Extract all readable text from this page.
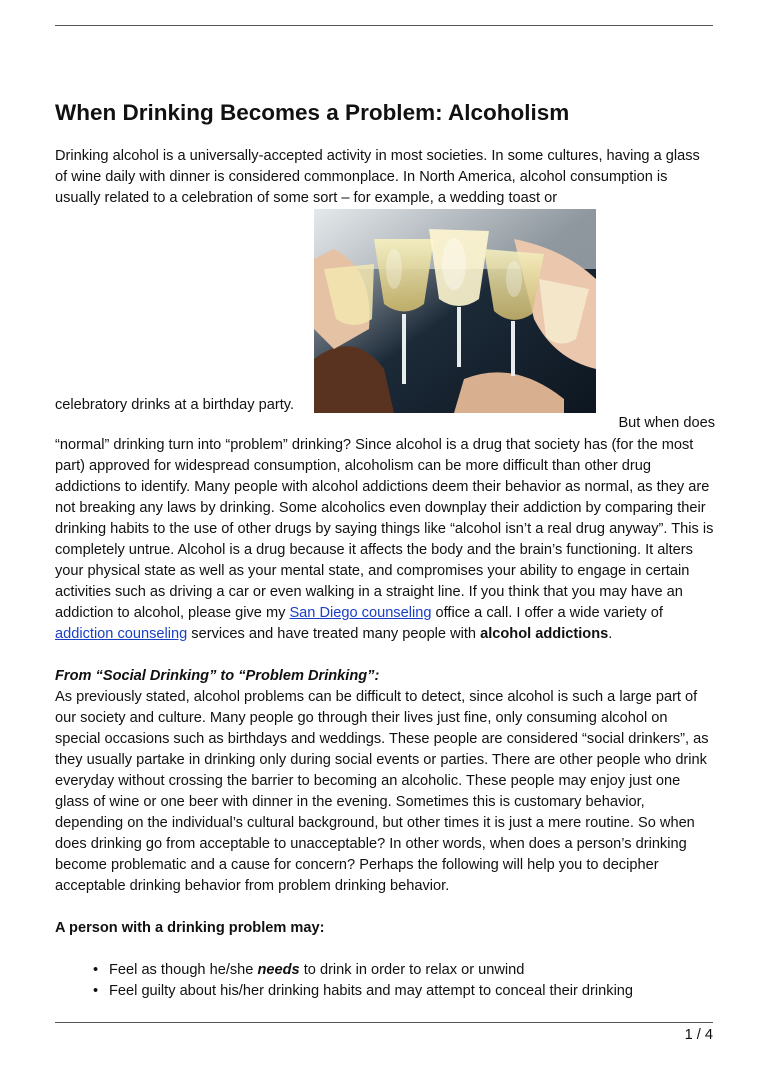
When Drinking Becomes a Problem: Alcoholism

Drinking alcohol is a universally-accepted activity in most societies. In some cultures, having a glass of wine daily with dinner is considered commonplace. In North America, alcohol consumption is usually related to a celebration of some sort – for example, a wedding toast or

celebratory drinks at a birthday party.
But when does

“normal” drinking turn into “problem” drinking? Since alcohol is a drug that society has (for the most part) approved for widespread consumption, alcoholism can be more difficult than other drug addictions to identify. Many people with alcohol addictions deem their behavior as normal, as they are not breaking any laws by drinking. Some alcoholics even downplay their addiction by comparing their drinking habits to the use of other drugs by saying things like “alcohol isn’t a real drug anyway”. This is completely untrue. Alcohol is a drug because it affects the body and the brain’s functioning. It alters your physical state as well as your mental state, and compromises your ability to engage in certain activities such as driving a car or even walking in a straight line. If you think that you may have an addiction to alcohol, please give my San Diego counseling office a call. I offer a wide variety of addiction counseling services and have treated many people with alcohol addictions.

From “Social Drinking” to “Problem Drinking”:

As previously stated, alcohol problems can be difficult to detect, since alcohol is such a large part of our society and culture. Many people go through their lives just fine, only consuming alcohol on special occasions such as birthdays and weddings. These people are considered “social drinkers”, as they usually partake in drinking only during social events or parties. There are other people who drink everyday without crossing the barrier to becoming an alcoholic. These people may enjoy just one glass of wine or one beer with dinner in the evening. Sometimes this is customary behavior, depending on the individual’s cultural background, but other times it is just a mere routine. So when does drinking go from acceptable to unacceptable? In other words, when does a person’s drinking become problematic and a cause for concern? Perhaps the following will help you to decipher acceptable drinking behavior from problem drinking behavior.

A person with a drinking problem may:

• Feel as though he/she needs to drink in order to relax or unwind
• Feel guilty about his/her drinking habits and may attempt to conceal their drinking
1 / 4
